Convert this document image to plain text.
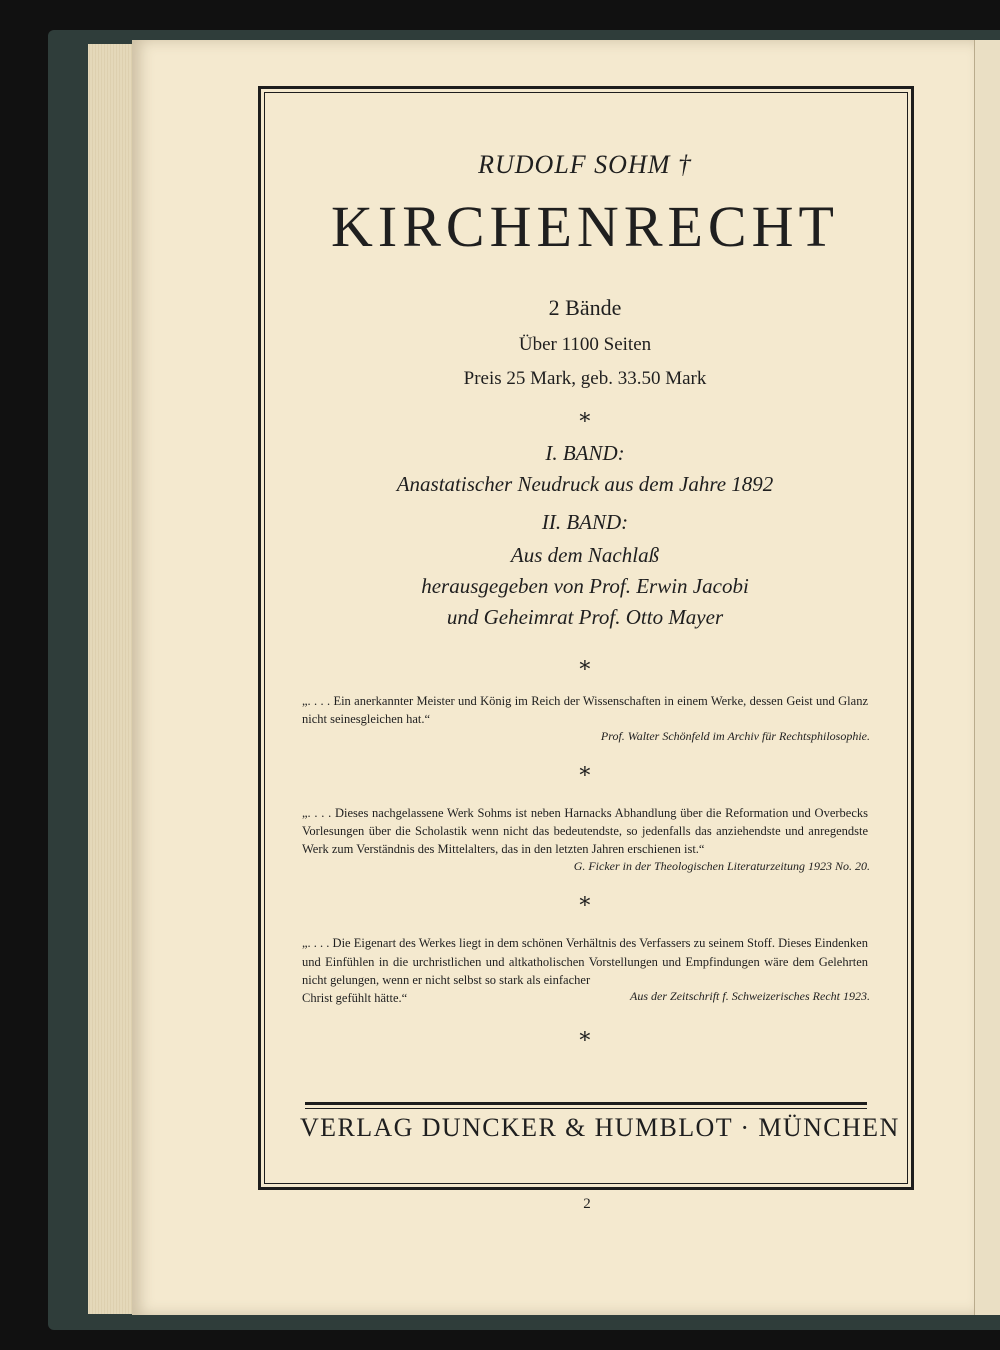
RUDOLF SOHM †

KIRCHENRECHT

2 Bände

Über 1100 Seiten

Preis 25 Mark, geb. 33.50 Mark

∗

I. BAND:

Anastatischer Neudruck aus dem Jahre 1892

II. BAND:

Aus dem Nachlaß

herausgegeben von Prof. Erwin Jacobi

und Geheimrat Prof. Otto Mayer

∗

„. . . . Ein anerkannter Meister und König im Reich der Wissenschaften in einem Werke, dessen Geist und Glanz nicht seinesgleichen hat.“

Prof. Walter Schönfeld im Archiv für Rechtsphilosophie.

∗

„. . . . Dieses nachgelassene Werk Sohms ist neben Harnacks Abhandlung über die Reformation und Overbecks Vorlesungen über die Scholastik wenn nicht das bedeutendste, so jedenfalls das anziehendste und anregendste Werk zum Verständnis des Mittelalters, das in den letzten Jahren erschienen ist.“

G. Ficker in der Theologischen Literaturzeitung 1923 No. 20.

∗

„. . . . Die Eigenart des Werkes liegt in dem schönen Verhältnis des Verfassers zu seinem Stoff. Dieses Eindenken und Einfühlen in die urchristlichen und altkatholischen Vorstellungen und Empfindungen wäre dem Gelehrten nicht gelungen, wenn er nicht selbst so stark als einfacher

Christ gefühlt hätte.“	Aus der Zeitschrift f. Schweizerisches Recht 1923.

∗

VERLAG DUNCKER & HUMBLOT · MÜNCHEN
2
